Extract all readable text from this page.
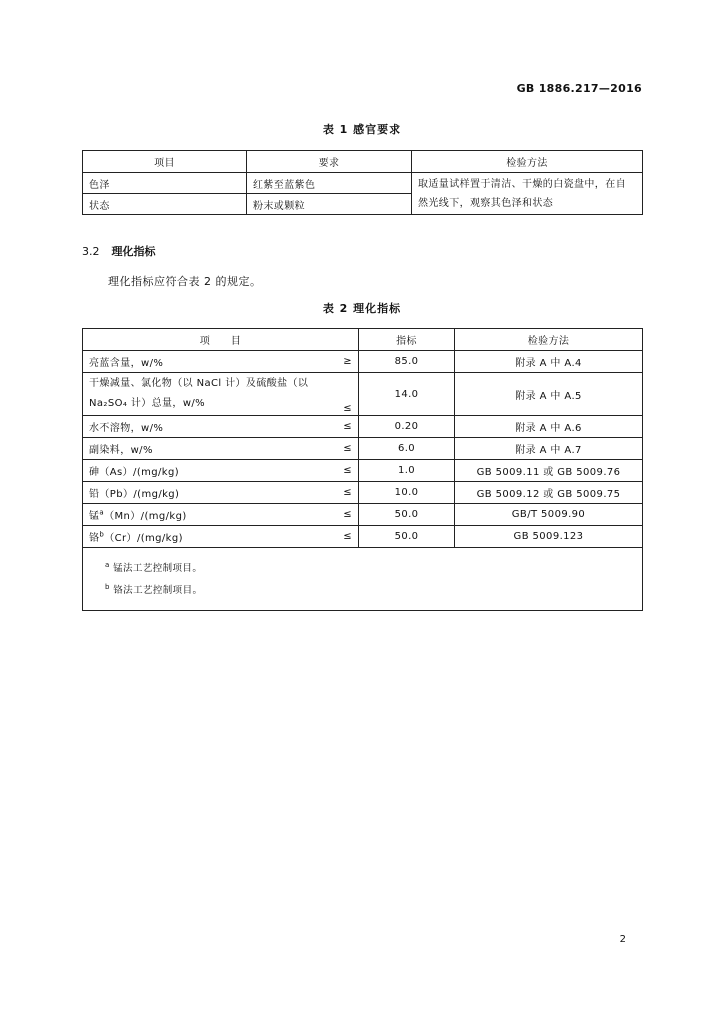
GB 1886.217—2016
表 1 感官要求
项目	要求	检验方法
色泽	红紫至蓝紫色	取适量试样置于清洁、干燥的白瓷盘中，在自然光线下，观察其色泽和状态
状态	粉末或颗粒	
3.2 理化指标
理化指标应符合表 2 的规定。
表 2 理化指标
项　　目	指标	检验方法

亮蓝含量，w/% ≥	85.0	附录 A 中 A.4

干燥减量、氯化物（以 NaCl 计）及硫酸盐（以 Na₂SO₄ 计）总量，w/% ≤	14.0	附录 A 中 A.5

水不溶物，w/% ≤	0.20	附录 A 中 A.6

副染料，w/% ≤	6.0	附录 A 中 A.7

砷（As）/(mg/kg) ≤	1.0	GB 5009.11 或 GB 5009.76

铅（Pb）/(mg/kg) ≤	10.0	GB 5009.12 或 GB 5009.75

锰$^a$（Mn）/(mg/kg) ≤	50.0	GB/T 5009.90

铬$^b$（Cr）/(mg/kg) ≤	50.0	GB 5009.123

$^a$ 锰法工艺控制项目。
$^b$ 铬法工艺控制项目。		
2
